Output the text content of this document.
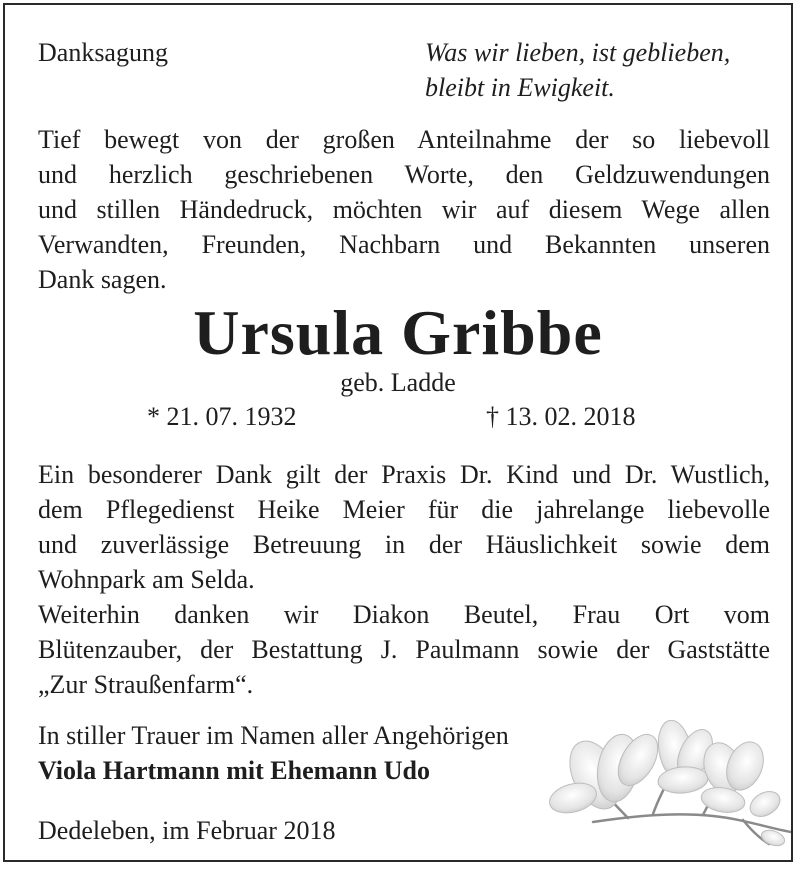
Danksagung	Was wir lieben, ist geblieben,
bleibt in Ewigkeit.

Tief bewegt von der großen Anteilnahme der so liebevoll

und herzlich geschriebenen Worte, den Geldzuwendungen

und stillen Händedruck, möchten wir auf diesem Wege allen

Verwandten, Freunden, Nachbarn und Bekannten unseren

Dank sagen.

Ursula Gribbe
geb. Ladde
* 21. 07. 1932	† 13. 02. 2018

Ein besonderer Dank gilt der Praxis Dr. Kind und Dr. Wustlich,

dem Pflegedienst Heike Meier für die jahrelange liebevolle

und zuverlässige Betreuung in der Häuslichkeit sowie dem

Wohnpark am Selda.

Weiterhin danken wir Diakon Beutel, Frau Ort vom

Blütenzauber, der Bestattung J. Paulmann sowie der Gaststätte

„Zur Straußenfarm“.

In stiller Trauer im Namen aller Angehörigen

Viola Hartmann mit Ehemann Udo

Dedeleben, im Februar 2018
